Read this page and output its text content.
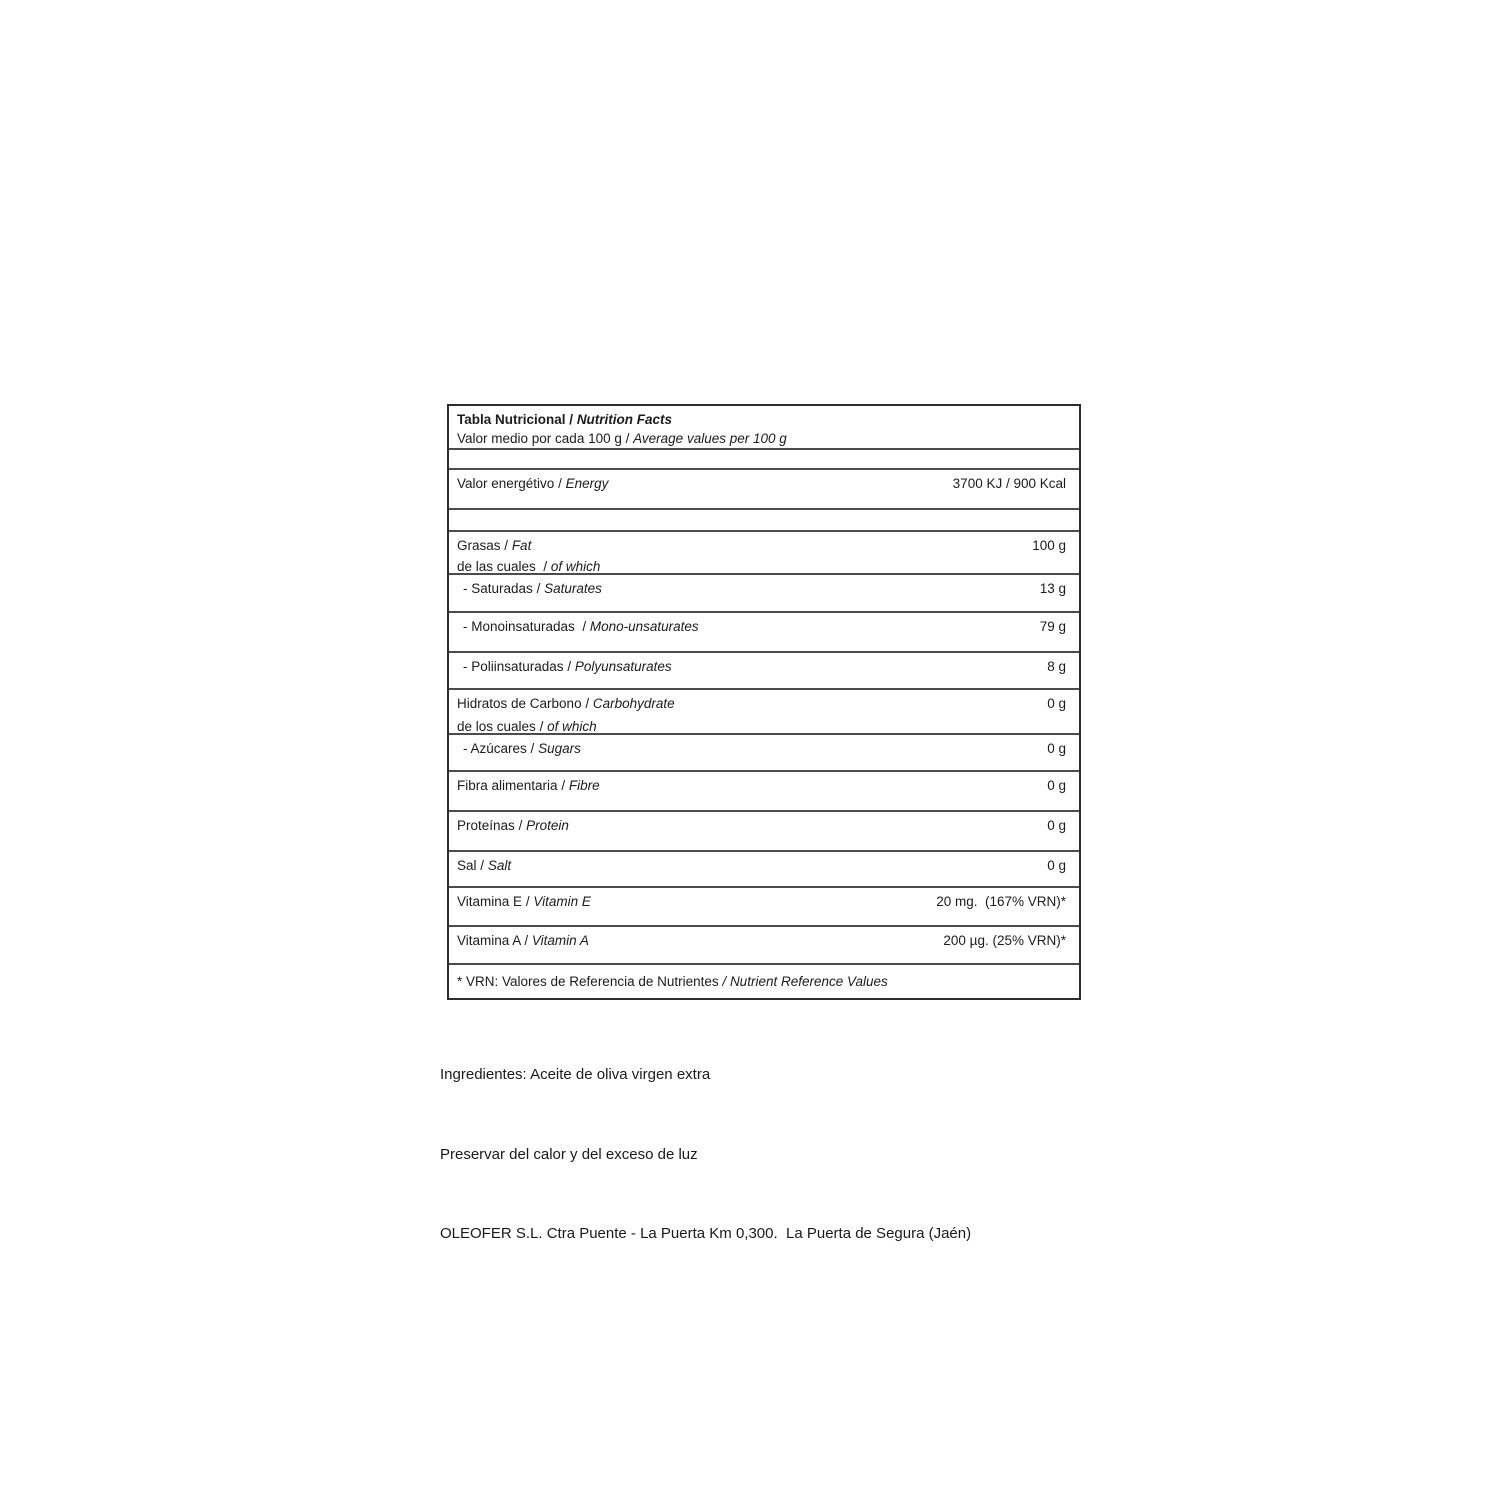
Tabla Nutricional / Nutrition Facts
Valor medio por cada 100 g / Average values per 100 g
Valor energétivo / Energy	3700 KJ / 900 Kcal
Grasas / Fat	100 g
de las cuales  / of which
- Saturadas / Saturates	13 g
- Monoinsaturadas  / Mono-unsaturates	79 g
- Poliinsaturadas / Polyunsaturates	8 g
Hidratos de Carbono / Carbohydrate	0 g
de los cuales / of which
- Azúcares / Sugars	0 g
Fibra alimentaria / Fibre	0 g
Proteínas / Protein	0 g
Sal / Salt	0 g
Vitamina E / Vitamin E	20 mg.  (167% VRN)*
Vitamina A / Vitamin A	200 µg. (25% VRN)*
* VRN: Valores de Referencia de Nutrientes / Nutrient Reference Values

Ingredientes: Aceite de oliva virgen extra

Preservar del calor y del exceso de luz

OLEOFER S.L. Ctra Puente - La Puerta Km 0,300.  La Puerta de Segura (Jaén)
